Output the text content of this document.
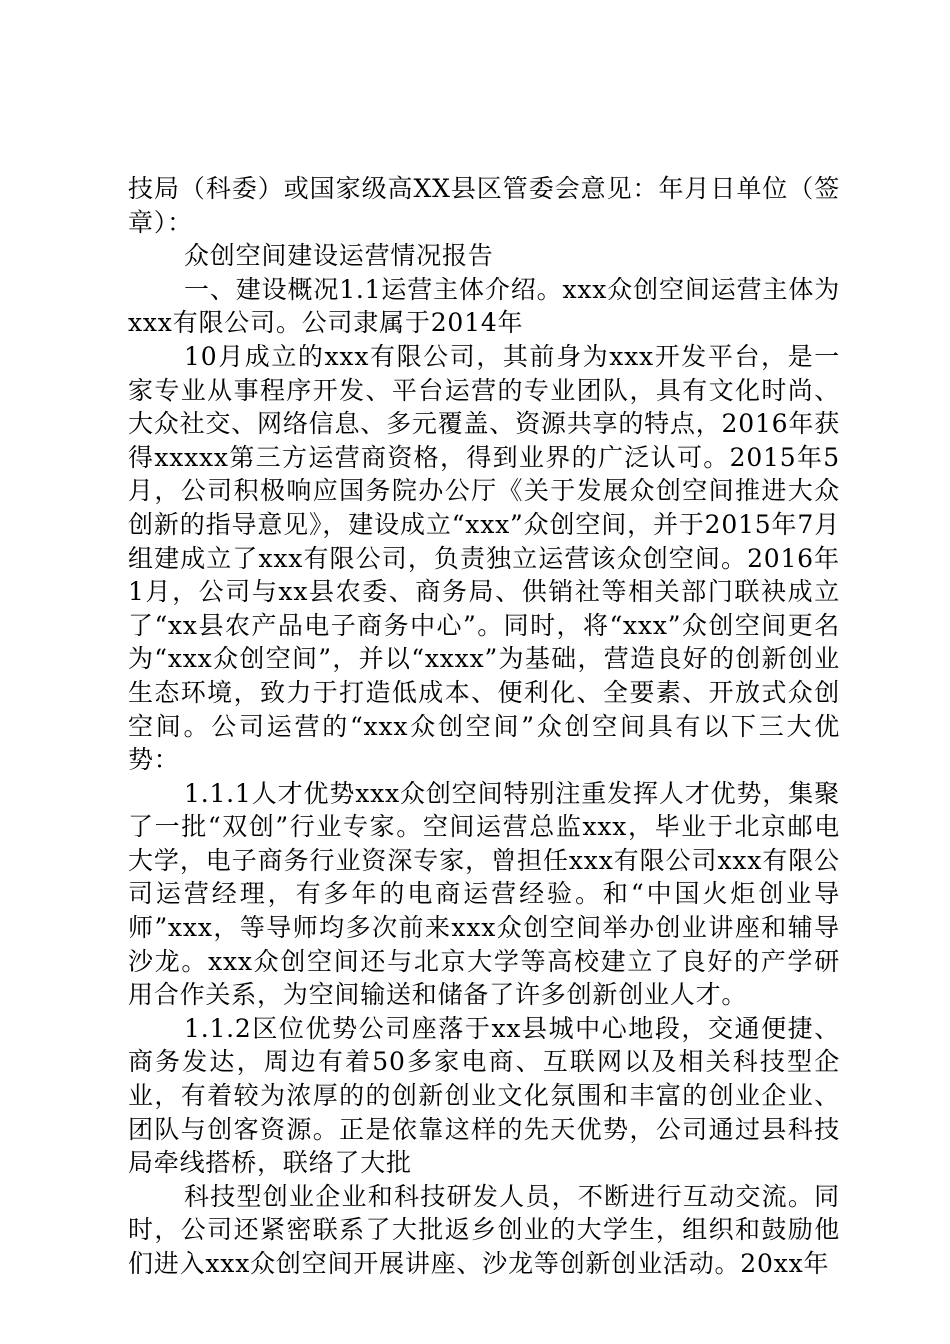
技局（科委）或国家级高XX县区管委会意见：年月日单位（签章）：

众创空间建设运营情况报告

一、建设概况1.1运营主体介绍。xxx众创空间运营主体为xxx有限公司。公司隶属于2014年

10月成立的xxx有限公司，其前身为xxx开发平台，是一家专业从事程序开发、平台运营的专业团队，具有文化时尚、大众社交、网络信息、多元覆盖、资源共享的特点，2016年获得xxxxx第三方运营商资格，得到业界的广泛认可。2015年5月，公司积极响应国务院办公厅《关于发展众创空间推进大众创新的指导意见》，建设成立“xxx”众创空间，并于2015年7月组建成立了xxx有限公司，负责独立运营该众创空间。2016年1月，公司与xx县农委、商务局、供销社等相关部门联袂成立了“xx县农产品电子商务中心”。同时，将“xxx”众创空间更名为“xxx众创空间”，并以“xxxx”为基础，营造良好的创新创业生态环境，致力于打造低成本、便利化、全要素、开放式众创空间。公司运营的“xxx众创空间”众创空间具有以下三大优势：

1.1.1人才优势xxx众创空间特别注重发挥人才优势，集聚了一批“双创”行业专家。空间运营总监xxx，毕业于北京邮电大学，电子商务行业资深专家，曾担任xxx有限公司xxx有限公司运营经理，有多年的电商运营经验。和“中国火炬创业导师”xxx，等导师均多次前来xxx众创空间举办创业讲座和辅导沙龙。xxx众创空间还与北京大学等高校建立了良好的产学研用合作关系，为空间输送和储备了许多创新创业人才。

1.1.2区位优势公司座落于xx县城中心地段，交通便捷、商务发达，周边有着50多家电商、互联网以及相关科技型企业，有着较为浓厚的的创新创业文化氛围和丰富的创业企业、团队与创客资源。正是依靠这样的先天优势，公司通过县科技局牵线搭桥，联络了大批

科技型创业企业和科技研发人员，不断进行互动交流。同时，公司还紧密联系了大批返乡创业的大学生，组织和鼓励他们进入xxx众创空间开展讲座、沙龙等创新创业活动。20xx年
